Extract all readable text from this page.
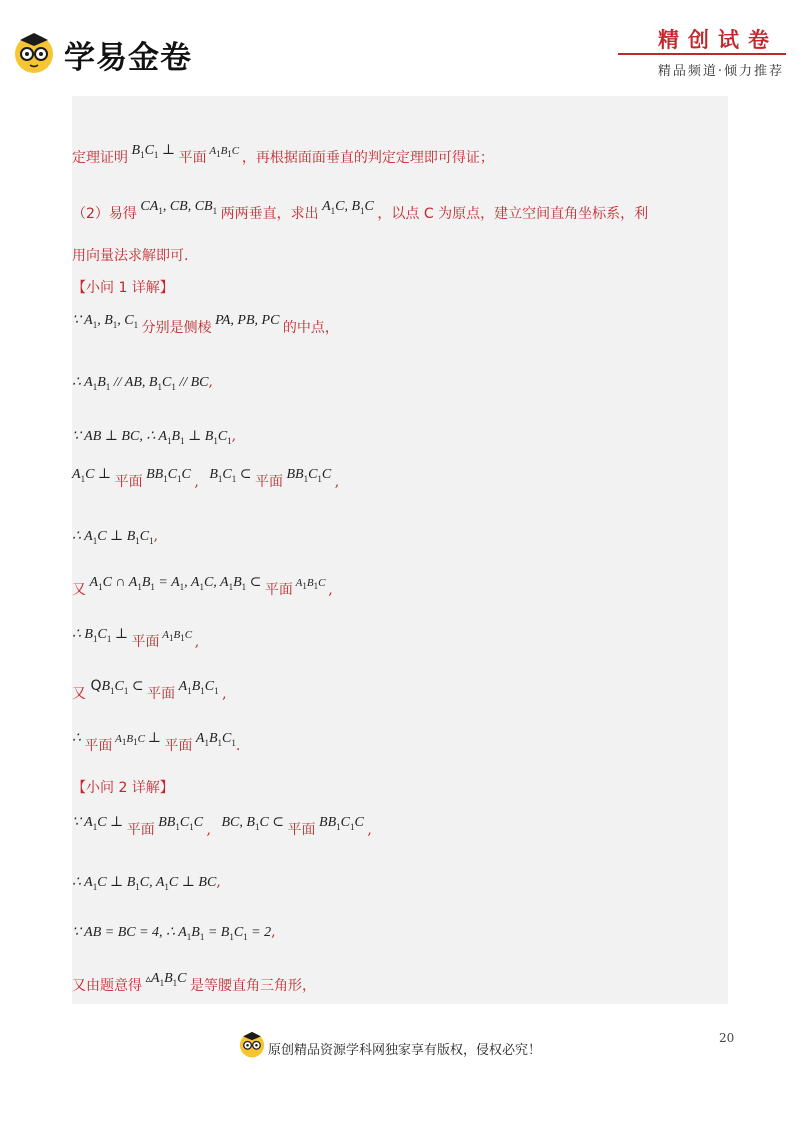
学易金卷	精创试卷
精品频道·倾力推荐
定理证明 $B_1C_1$ ⊥ 平面 $^{A_1B_1C}$ ，再根据面面垂直的判定定理即可得证；
（2）易得 $CA_1$, CB, $CB_1$ 两两垂直，求出 $A_1C$, $B_1C$ ，以点 C 为原点，建立空间直角坐标系，利
用向量法求解即可.
【小问 1 详解】
∵ $A_1$, $B_1$, $C_1$ 分别是侧棱 PA, PB, PC 的中点，
∴ $A_1B_1$ // AB, $B_1C_1$ // BC,
∵ AB ⊥ BC, ∴ $A_1B_1$ ⊥ $B_1C_1$,
$A_1C$ ⊥ 平面 $BB_1C_1C$ ,   $B_1C_1$ ⊂ 平面 $BB_1C_1C$ ,
∴ $A_1C$ ⊥ $B_1C_1$,
又 $A_1C$ ∩ $A_1B_1 = A_1$, $A_1C$, $A_1B_1$ ⊂ 平面 $^{A_1B_1C}$ ,
∴ $B_1C_1$ ⊥ 平面 $^{A_1B_1C}$ ,
又 $QB_1C_1$ ⊂ 平面 $A_1B_1C_1$ ,
∴ 平面 $^{A_1B_1C}$ ⊥ 平面 $A_1B_1C_1$.
【小问 2 详解】
∵ $A_1C$ ⊥ 平面 $BB_1C_1C$ ,   BC, $B_1C$ ⊂ 平面 $BB_1C_1C$ ,
∴ $A_1C$ ⊥ $B_1C$, $A_1C$ ⊥ BC,
∵ AB = BC = 4, ∴ $A_1B_1 = B_1C_1 = 2$,
又由题意得 $▵A_1B_1C$ 是等腰直角三角形，
原创精品资源学科网独家享有版权，侵权必究！
20
